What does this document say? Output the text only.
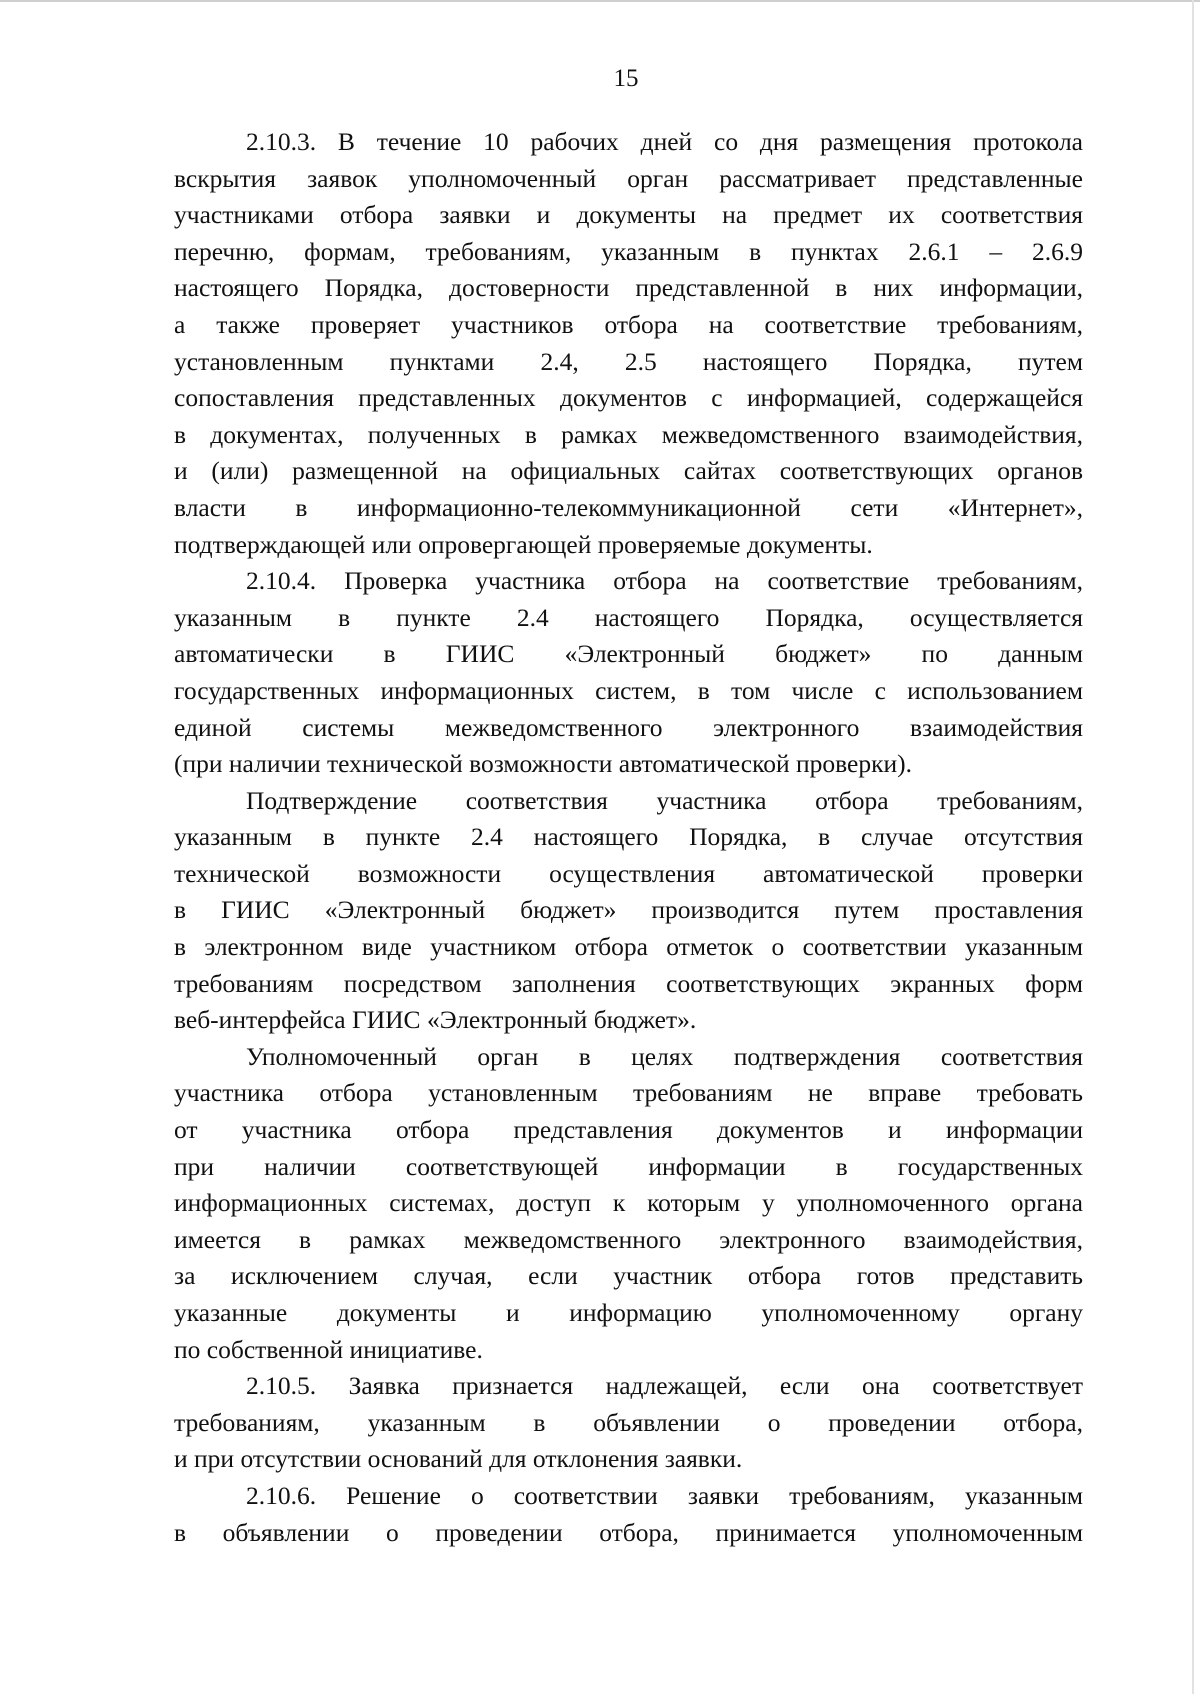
15
2.10.3. В течение 10 рабочих дней со дня размещения протокола
вскрытия заявок уполномоченный орган рассматривает представленные
участниками отбора заявки и документы на предмет их соответствия
перечню, формам, требованиям, указанным в пунктах 2.6.1 – 2.6.9
настоящего Порядка, достоверности представленной в них информации,
а также проверяет участников отбора на соответствие требованиям,
установленным пунктами 2.4, 2.5 настоящего Порядка, путем
сопоставления представленных документов с информацией, содержащейся
в документах, полученных в рамках межведомственного взаимодействия,
и (или) размещенной на официальных сайтах соответствующих органов
власти в информационно-телекоммуникационной сети «Интернет»,
подтверждающей или опровергающей проверяемые документы.
2.10.4. Проверка участника отбора на соответствие требованиям,
указанным в пункте 2.4 настоящего Порядка, осуществляется
автоматически в ГИИС «Электронный бюджет» по данным
государственных информационных систем, в том числе с использованием
единой системы межведомственного электронного взаимодействия
(при наличии технической возможности автоматической проверки).
Подтверждение соответствия участника отбора требованиям,
указанным в пункте 2.4 настоящего Порядка, в случае отсутствия
технической возможности осуществления автоматической проверки
в ГИИС «Электронный бюджет» производится путем проставления
в электронном виде участником отбора отметок о соответствии указанным
требованиям посредством заполнения соответствующих экранных форм
веб-интерфейса ГИИС «Электронный бюджет».
Уполномоченный орган в целях подтверждения соответствия
участника отбора установленным требованиям не вправе требовать
от участника отбора представления документов и информации
при наличии соответствующей информации в государственных
информационных системах, доступ к которым у уполномоченного органа
имеется в рамках межведомственного электронного взаимодействия,
за исключением случая, если участник отбора готов представить
указанные документы и информацию уполномоченному органу
по собственной инициативе.
2.10.5. Заявка признается надлежащей, если она соответствует
требованиям, указанным в объявлении о проведении отбора,
и при отсутствии оснований для отклонения заявки.
2.10.6. Решение о соответствии заявки требованиям, указанным
в объявлении о проведении отбора, принимается уполномоченным
